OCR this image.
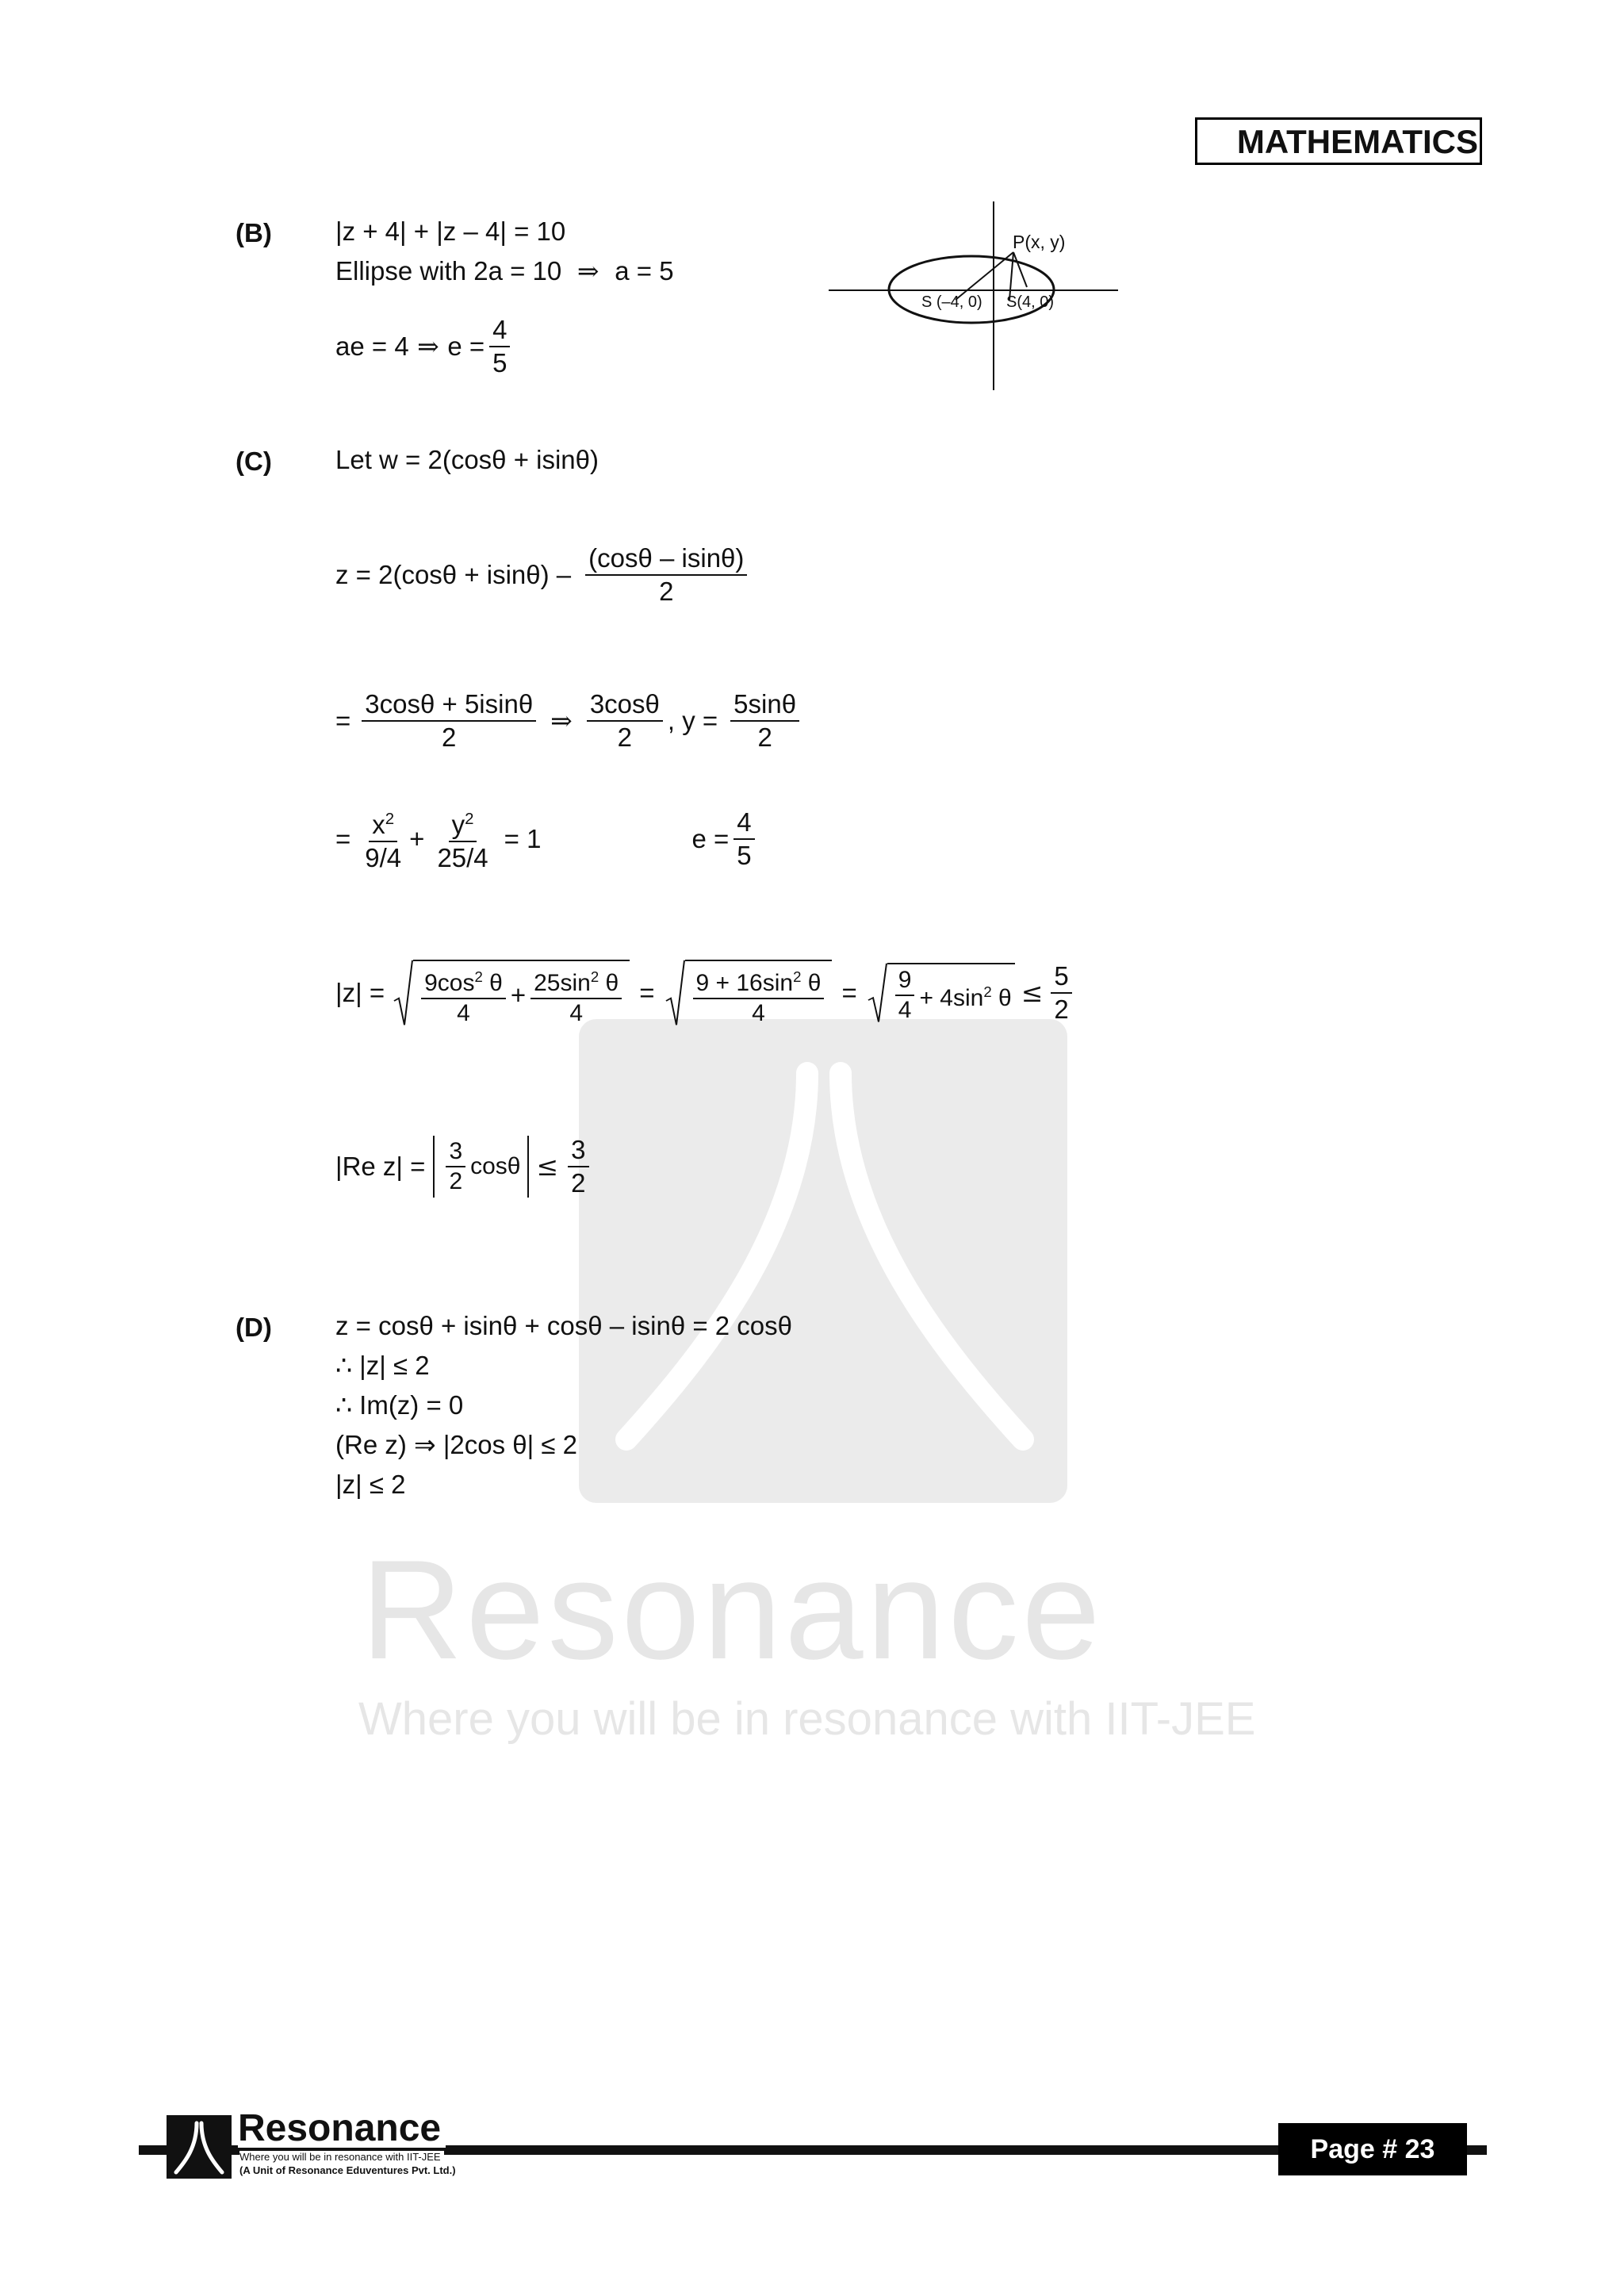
MATHEMATICS
Resonance
Where you will be in resonance with IIT-JEE
(B) |z + 4| + |z – 4| = 10
Ellipse with 2a = 10  ⇒  a = 5
ae = 4 ⇒ $e = \frac{4}{5}$
P(x, y)
S (–4, 0) S(4, 0)
(C) Let w = 2(cosθ + isinθ)
$z = 2(\cos\theta + isin\theta) - \frac{(\cos\theta - isin\theta)}{2}$
= $\frac{3\cos\theta + 5isin\theta}{2}$ ⇒ $\frac{3\cos\theta}{2}$ , $y = \frac{5\sin\theta}{2}$
= $\frac{x^2}{9/4} + \frac{y^2}{25/4} = 1$	$e = \frac{4}{5}$
$|z| = \frac{9\cos^2 \theta}{4} + \frac{25\sin^2 \theta}{4} = \frac{9 + 16\sin^2 \theta}{4} = \frac{9}{4} + 4\sin^2$ $\theta \le \frac{5}{2}$
|Re $z| = \frac{3}{2}$ $\cos\theta \le \frac{3}{2}$
(D) z = cosθ + isinθ + cosθ – isinθ = 2 cosθ
∴ |z| ≤ 2
∴ Im(z) = 0
(Re z) ⇒ |2cos θ| ≤ 2
|z| ≤ 2
Resonance
Where you will be in resonance with IIT-JEE
(A Unit of Resonance Eduventures Pvt. Ltd.)
Page # 23
